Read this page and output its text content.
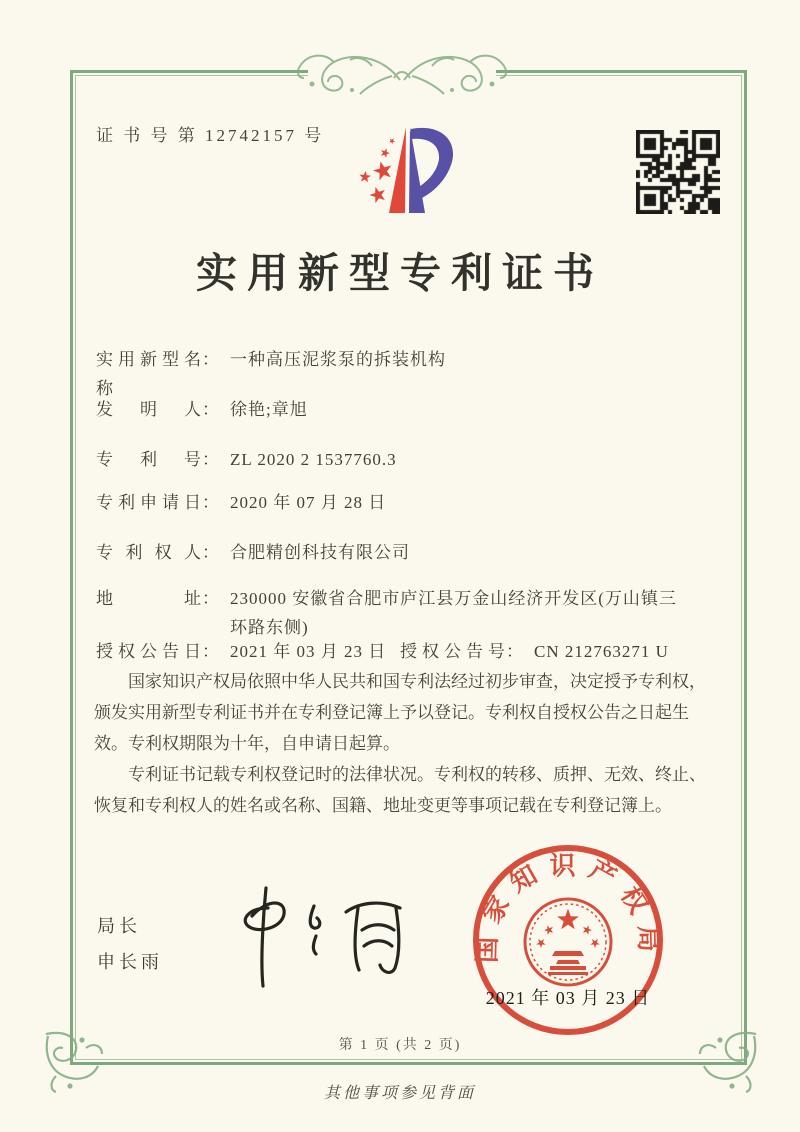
证 书 号 第 12742157 号
实用新型专利证书
实用新型名称
： 一种高压泥浆泵的拆装机构
发明人 ： 徐艳;章旭
专利号 ： ZL 2020 2 1537760.3
专利申请日 ： 2020 年 07 月 28 日
专利权人 ： 合肥精创科技有限公司
地址 ： 230000 安徽省合肥市庐江县万金山经济开发区(万山镇三环路东侧)
授权公告日 ： 2021 年 03 月 23 日 授权公告号 ： CN 212763271 U

国家知识产权局依照中华人民共和国专利法经过初步审查，决定授予专利权，颁发实用新型专利证书并在专利登记簿上予以登记。专利权自授权公告之日起生效。专利权期限为十年，自申请日起算。

专利证书记载专利权登记时的法律状况。专利权的转移、质押、无效、终止、恢复和专利权人的姓名或名称、国籍、地址变更等事项记载在专利登记簿上。

局长
申长雨	国家知识产权局
2021 年 03 月 23 日
第 1 页 (共 2 页)
其他事项参见背面
